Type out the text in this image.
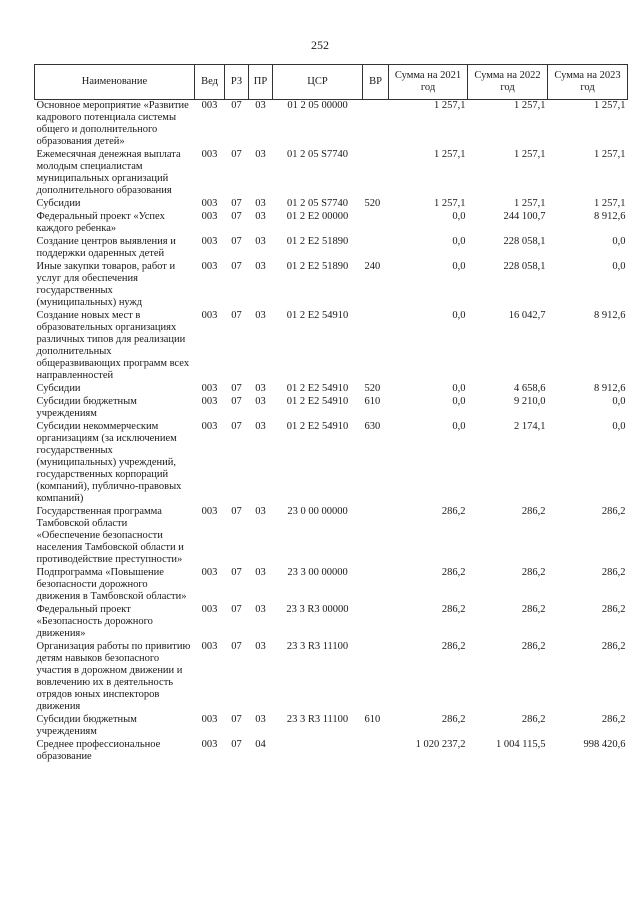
252
Наименование	Вед	РЗ	ПР	ЦСР	ВР	Сумма на 2021 год	Сумма на 2022 год	Сумма на 2023 год
Основное мероприятие «Развитие кадрового потенциала системы общего и дополнительного образования детей»	003	07	03	01 2 05 00000		1 257,1	1 257,1	1 257,1
Ежемесячная денежная выплата молодым специалистам муниципальных организаций дополнительного образования	003	07	03	01 2 05 S7740		1 257,1	1 257,1	1 257,1
Субсидии	003	07	03	01 2 05 S7740	520	1 257,1	1 257,1	1 257,1
Федеральный проект «Успех каждого ребенка»	003	07	03	01 2 E2 00000		0,0	244 100,7	8 912,6
Создание центров выявления и поддержки одаренных детей	003	07	03	01 2 E2 51890		0,0	228 058,1	0,0
Иные закупки товаров, работ и услуг для обеспечения государственных (муниципальных) нужд	003	07	03	01 2 E2 51890	240	0,0	228 058,1	0,0
Создание новых мест в образовательных организациях различных типов для реализации дополнительных общеразвивающих программ всех направленностей	003	07	03	01 2 E2 54910		0,0	16 042,7	8 912,6
Субсидии	003	07	03	01 2 E2 54910	520	0,0	4 658,6	8 912,6
Субсидии бюджетным учреждениям	003	07	03	01 2 E2 54910	610	0,0	9 210,0	0,0
Субсидии некоммерческим организациям (за исключением государственных (муниципальных) учреждений, государственных корпораций (компаний), публично-правовых компаний)	003	07	03	01 2 E2 54910	630	0,0	2 174,1	0,0
Государственная программа Тамбовской области «Обеспечение безопасности населения Тамбовской области и противодействие преступности»	003	07	03	23 0 00 00000		286,2	286,2	286,2
Подпрограмма «Повышение безопасности дорожного движения в Тамбовской области»	003	07	03	23 3 00 00000		286,2	286,2	286,2
Федеральный проект «Безопасность дорожного движения»	003	07	03	23 3 R3 00000		286,2	286,2	286,2
Организация работы по привитию детям навыков безопасного участия в дорожном движении и вовлечению их в деятельность отрядов юных инспекторов движения	003	07	03	23 3 R3 11100		286,2	286,2	286,2
Субсидии бюджетным учреждениям	003	07	03	23 3 R3 11100	610	286,2	286,2	286,2
Среднее профессиональное образование	003	07	04			1 020 237,2	1 004 115,5	998 420,6
